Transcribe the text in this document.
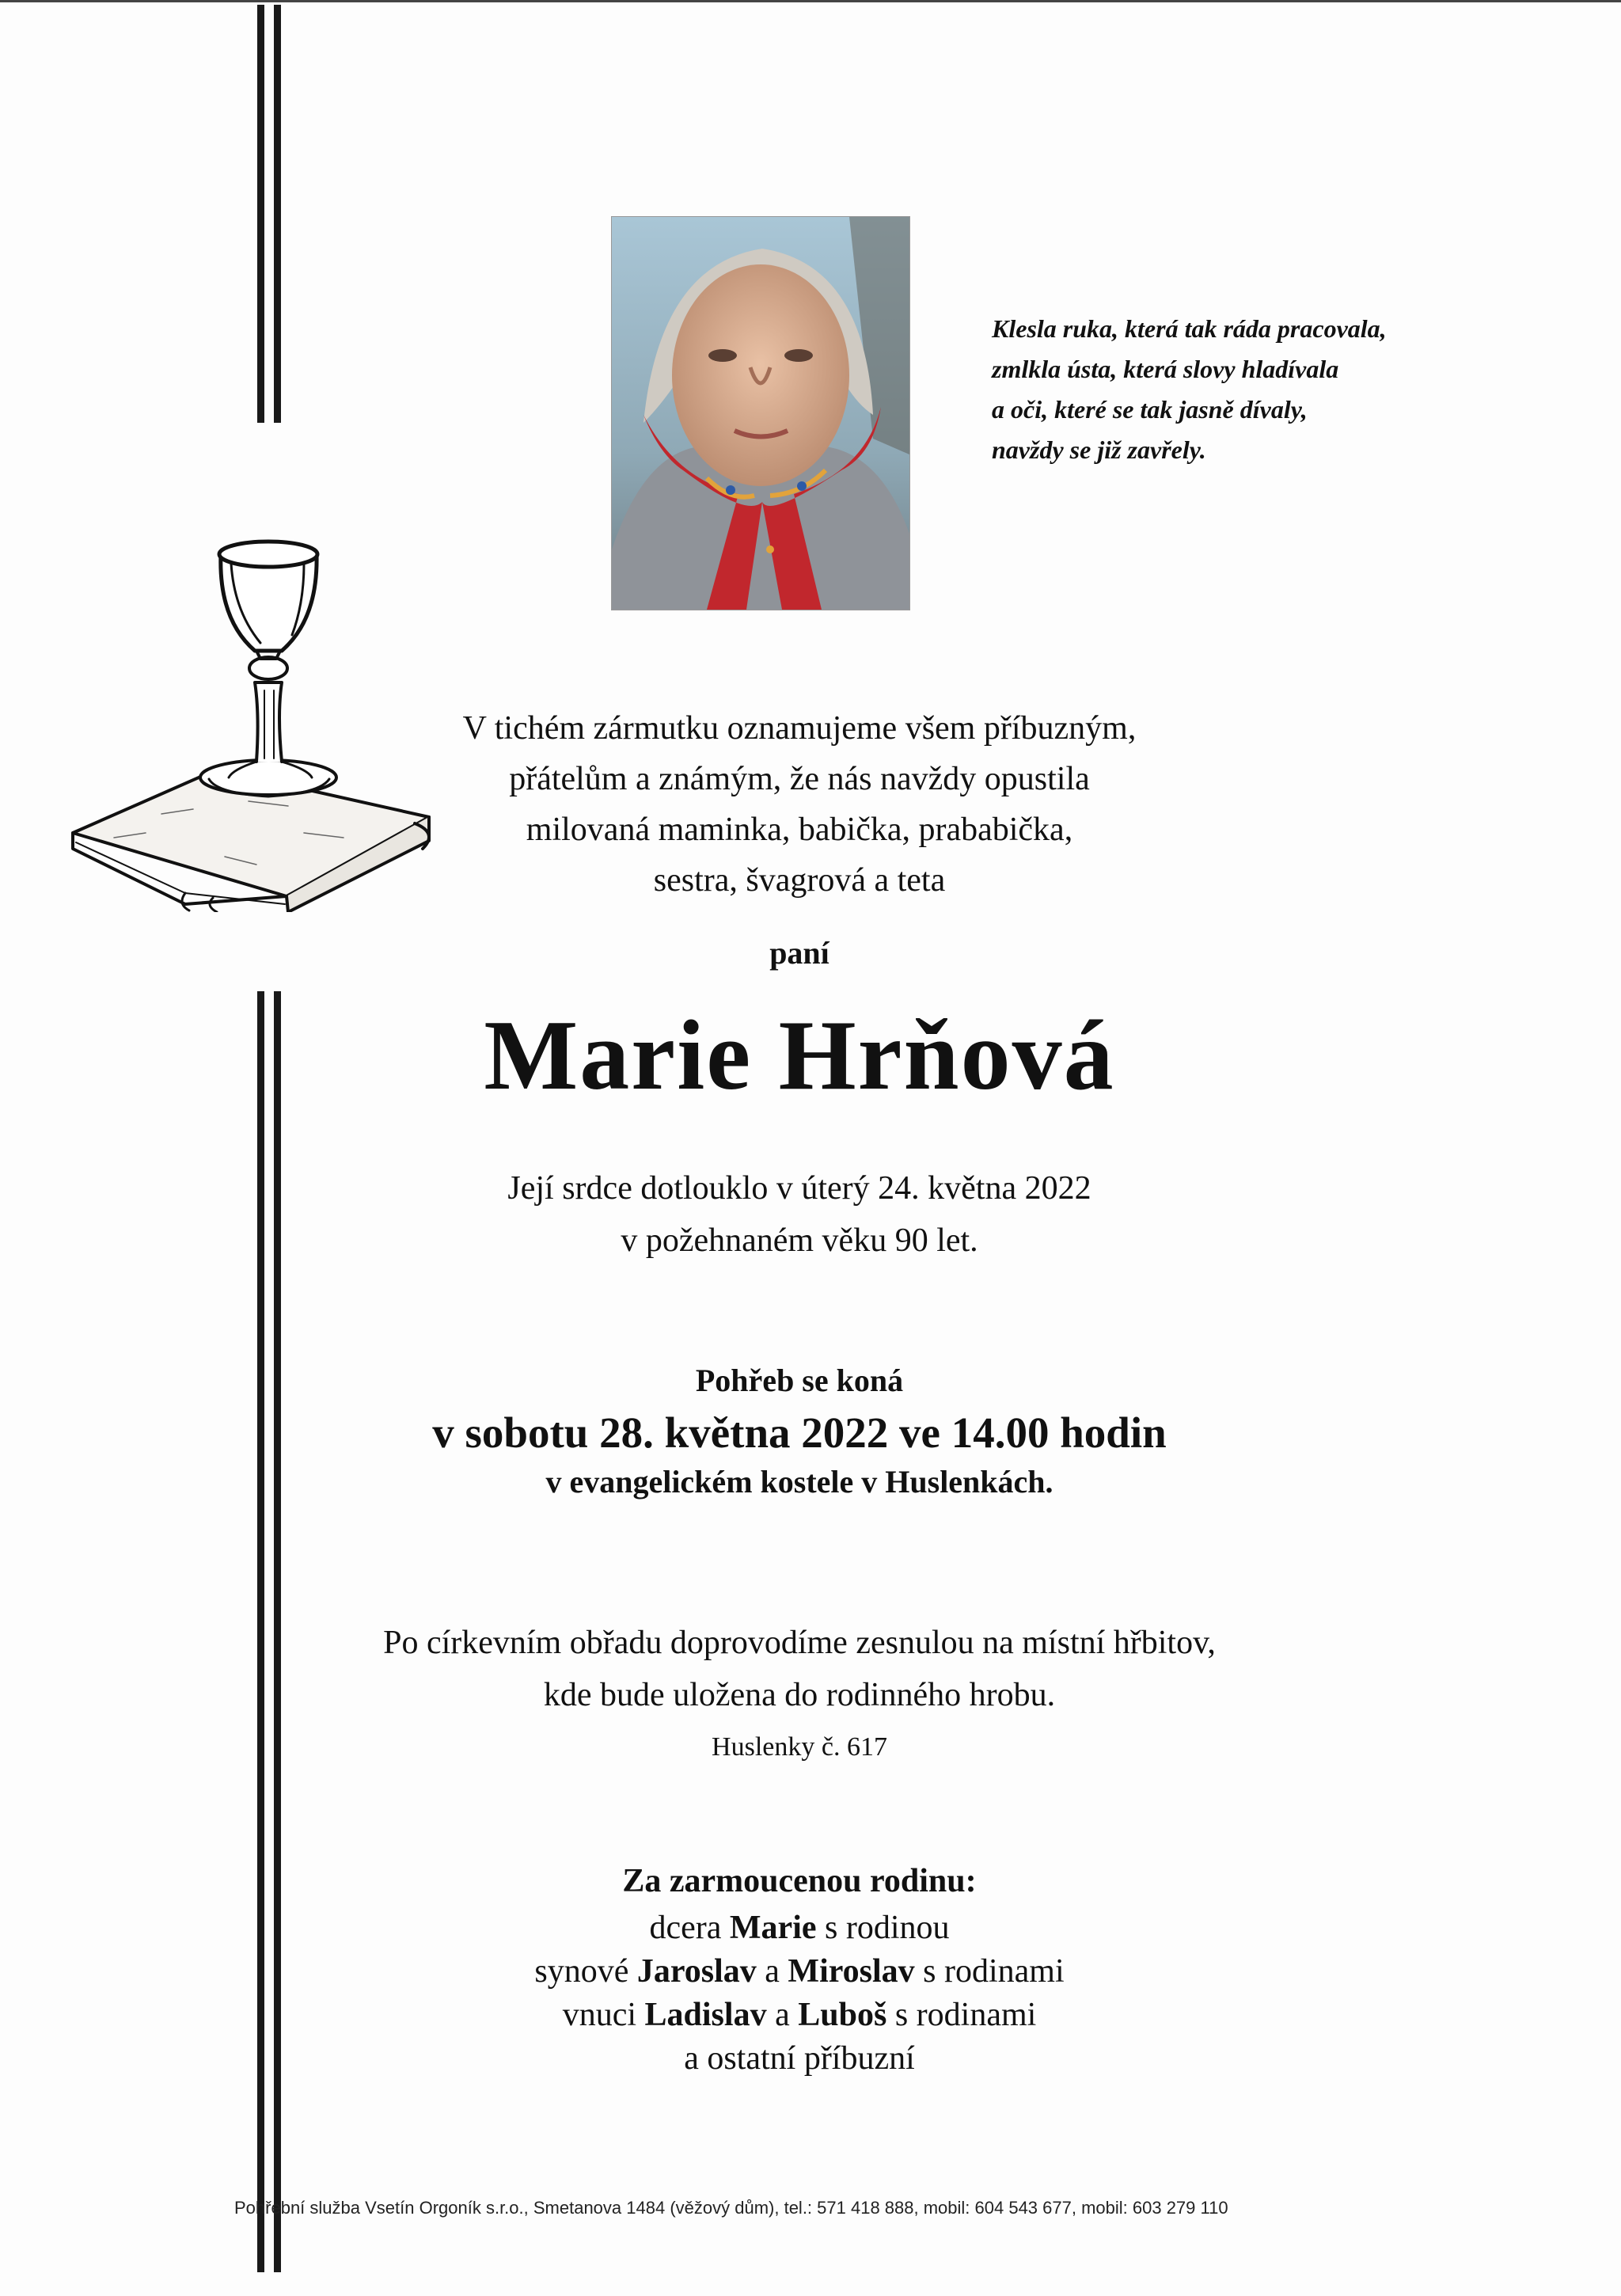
Klesla ruka, která tak ráda pracovala,
zmlkla ústa, která slovy hladívala
a oči, které se tak jasně dívaly,
navždy se již zavřely.
V tichém zármutku oznamujeme všem příbuzným,
přátelům a známým, že nás navždy opustila
milovaná maminka, babička, prababička,
sestra, švagrová a teta
paní
Marie Hrňová
Její srdce dotlouklo v úterý 24. května 2022
v požehnaném věku 90 let.
Pohřeb se koná
v sobotu 28. května 2022 ve 14.00 hodin
v evangelickém kostele v Huslenkách.
Po církevním obřadu doprovodíme zesnulou na místní hřbitov,
kde bude uložena do rodinného hrobu.
Huslenky č. 617
Za zarmoucenou rodinu:
dcera Marie s rodinou
synové Jaroslav a Miroslav s rodinami
vnuci Ladislav a Luboš s rodinami
a ostatní příbuzní
Pohřební služba Vsetín Orgoník s.r.o., Smetanova 1484 (věžový dům), tel.: 571 418 888, mobil: 604 543 677, mobil: 603 279 110
